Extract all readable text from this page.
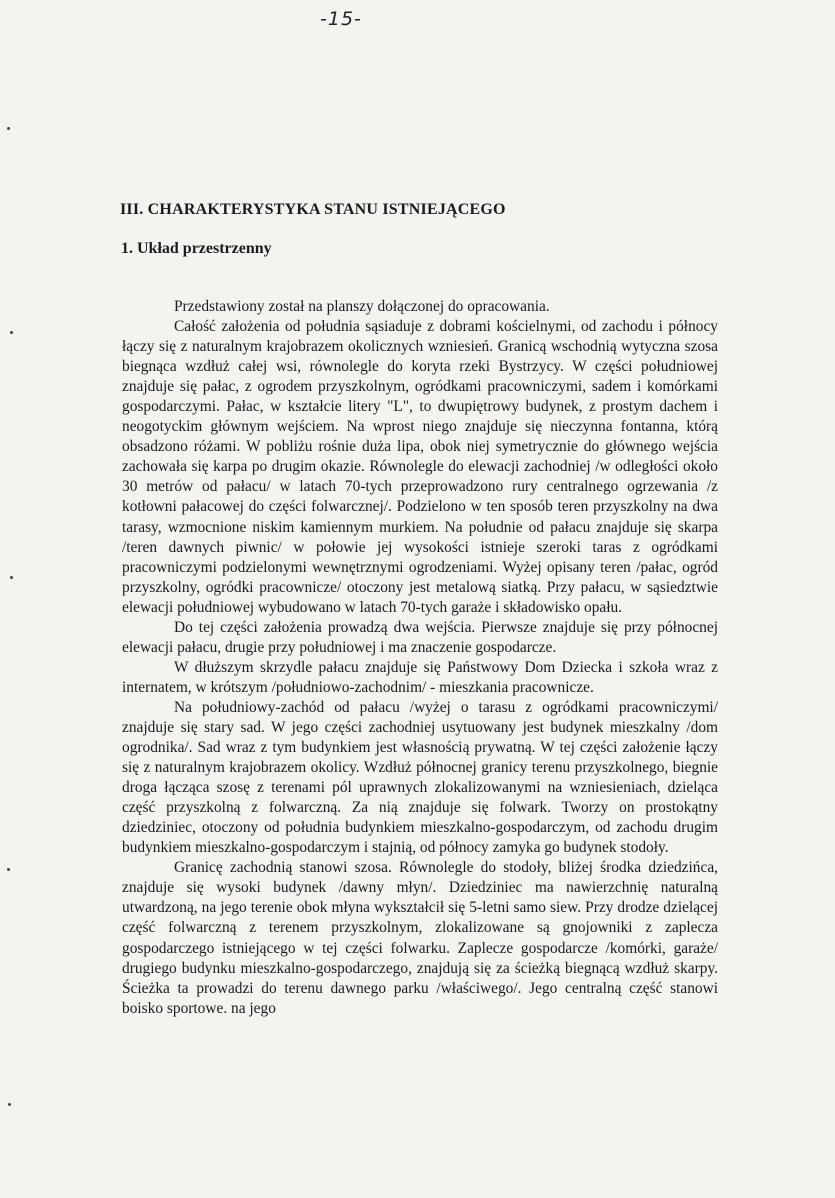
-15-
III. CHARAKTERYSTYKA STANU ISTNIEJĄCEGO
1. Układ przestrzenny

Przedstawiony został na planszy dołączonej do opracowania.

Całość założenia od południa sąsiaduje z dobrami kościelnymi, od zachodu i północy łączy się z naturalnym krajobrazem okolicznych wzniesień. Granicą wschodnią wytyczna szosa biegnąca wzdłuż całej wsi, równolegle do koryta rzeki Bystrzycy. W części południowej znajduje się pałac, z ogrodem przyszkolnym, ogródkami pracowniczymi, sadem i komórkami gospodarczymi. Pałac, w kształcie litery "L", to dwupiętrowy budynek, z prostym dachem i neogotyckim głównym wejściem. Na wprost niego znajduje się nieczynna fontanna, którą obsadzono różami. W pobliżu rośnie duża lipa, obok niej symetrycznie do głównego wejścia zachowała się karpa po drugim okazie. Równolegle do elewacji zachodniej /w odległości około 30 metrów od pałacu/ w latach 70-tych przeprowadzono rury centralnego ogrzewania /z kotłowni pałacowej do części folwarcznej/. Podzielono w ten sposób teren przyszkolny na dwa tarasy, wzmocnione niskim kamiennym murkiem. Na południe od pałacu znajduje się skarpa /teren dawnych piwnic/ w połowie jej wysokości istnieje szeroki taras z ogródkami pracowniczymi podzielonymi wewnętrznymi ogrodzeniami. Wyżej opisany teren /pałac, ogród przyszkolny, ogródki pracownicze/ otoczony jest metalową siatką. Przy pałacu, w sąsiedztwie elewacji południowej wybudowano w latach 70-tych garaże i składowisko opału.

Do tej części założenia prowadzą dwa wejścia. Pierwsze znajduje się przy północnej elewacji pałacu, drugie przy południowej i ma znaczenie gospodarcze.

W dłuższym skrzydle pałacu znajduje się Państwowy Dom Dziecka i szkoła wraz z internatem, w krótszym /południowo-zachodnim/ - mieszkania pracownicze.

Na południowy-zachód od pałacu /wyżej o tarasu z ogródkami pracowniczymi/ znajduje się stary sad. W jego części zachodniej usytuowany jest budynek mieszkalny /dom ogrodnika/. Sad wraz z tym budynkiem jest własnością prywatną. W tej części założenie łączy się z naturalnym krajobrazem okolicy. Wzdłuż północnej granicy terenu przyszkolnego, biegnie droga łącząca szosę z terenami pól uprawnych zlokalizowanymi na wzniesieniach, dzieląca część przyszkolną z folwarczną. Za nią znajduje się folwark. Tworzy on prostokątny dziedziniec, otoczony od południa budynkiem mieszkalno-gospodarczym, od zachodu drugim budynkiem mieszkalno-gospodarczym i stajnią, od północy zamyka go budynek stodoły.

Granicę zachodnią stanowi szosa. Równolegle do stodoły, bliżej środka dziedzińca, znajduje się wysoki budynek /dawny młyn/. Dziedziniec ma nawierzchnię naturalną utwardzoną, na jego terenie obok młyna wykształcił się 5-letni samo siew. Przy drodze dzielącej część folwarczną z terenem przyszkolnym, zlokalizowane są gnojowniki z zaplecza gospodarczego istniejącego w tej części folwarku. Zaplecze gospodarcze /komórki, garaże/ drugiego budynku mieszkalno-gospodarczego, znajdują się za ścieżką biegnącą wzdłuż skarpy. Ścieżka ta prowadzi do terenu dawnego parku /właściwego/. Jego centralną część stanowi boisko sportowe. na jego
